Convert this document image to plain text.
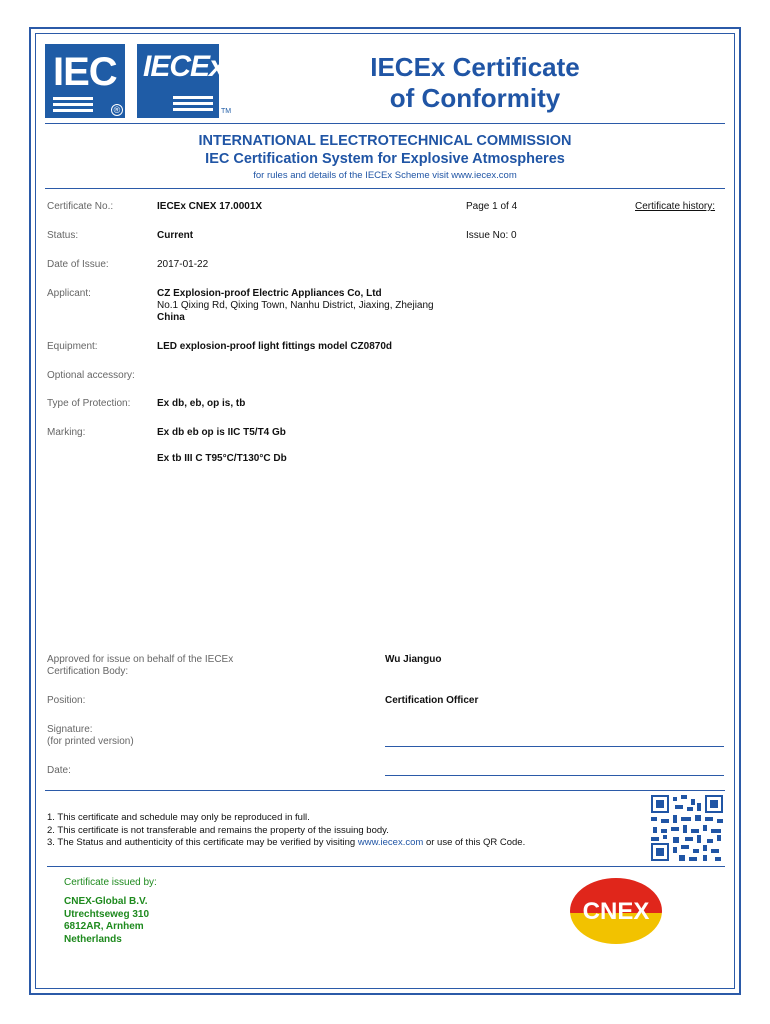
IEC
®
IECEx
TM
IECEx Certificate
of Conformity
INTERNATIONAL ELECTROTECHNICAL COMMISSION
IEC Certification System for Explosive Atmospheres
for rules and details of the IECEx Scheme visit www.iecex.com
Certificate No.:	IECEx CNEX 17.0001X	Page 1 of 4	Certificate history:
Status:	Current	Issue No: 0
Date of Issue:	2017-01-22
Applicant:	CZ Explosion-proof Electric Appliances Co, Ltd
No.1 Qixing Rd, Qixing Town, Nanhu District, Jiaxing, Zhejiang
China
Equipment:	LED explosion-proof light fittings model CZ0870d
Optional accessory:
Type of Protection:	Ex db, eb, op is, tb
Marking:	Ex db eb op is IIC T5/T4 Gb
Ex tb III C T95°C/T130°C Db
Approved for issue on behalf of the IECEx
Certification Body:
Wu Jianguo
Position:	Certification Officer
Signature:
(for printed version)
Date:
1. This certificate and schedule may only be reproduced in full.
2. This certificate is not transferable and remains the property of the issuing body.
3. The Status and authenticity of this certificate may be verified by visiting www.iecex.com or use of this QR Code.
Certificate issued by:
CNEX-Global B.V.
Utrechtseweg 310
6812AR, Arnhem
Netherlands
CNEX
